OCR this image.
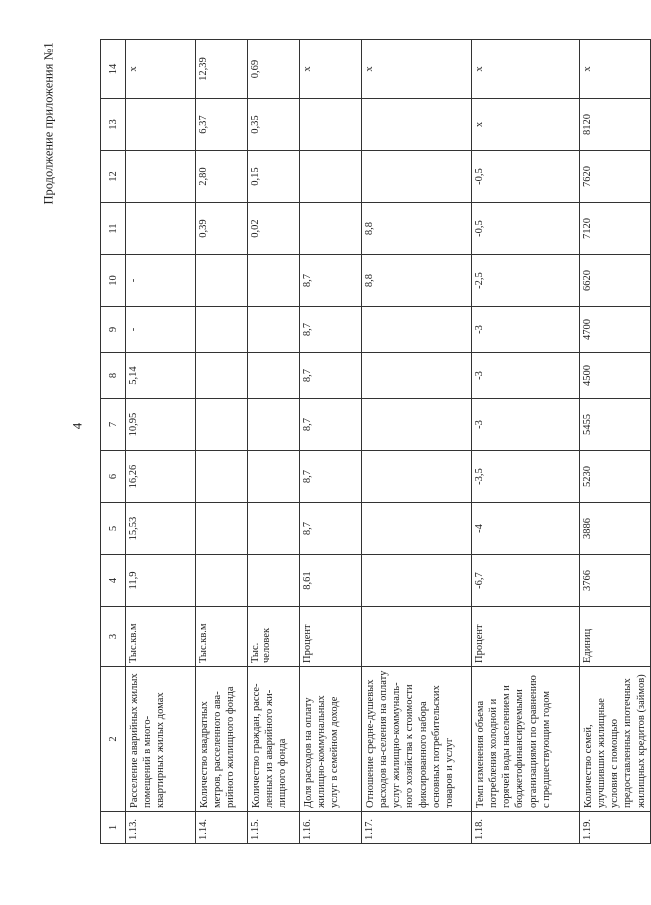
4
Продолжение приложения №1
1	2	3	4	5	6	7	8	9	10	11	12	13	14
1.13.	Расселение аварийных жилых помещений в много-квартирных жилых домах	Тыс.кв.м	11,9	15,53	16,26	10,95	5,14	-	-				x
1.14.	Количество квадратных метров, расселенного ава-рийного жилищного фонда	Тыс.кв.м								0,39	2,80	6,37	12,39
1.15.	Количество граждан, рассе-ленных из аварийного жи-лищного фонда	Тыс. человек								0,02	0,15	0,35	0,69
1.16.	Доля расходов на оплату жилищно-коммунальных услуг в семейном доходе	Процент	8,61	8,7	8,7	8,7	8,7	8,7	8,7				x
1.17.	Отношение средне-душевых расходов на-селения на оплату услуг жилищно-коммуналь-ного хозяйства к стоимости фиксированного набора основных потребительских товаров и услуг								8,8	8,8			x
1.18.	Темп изменения объема потребления холодной и горячей воды населением и бюджетофинансируемыми организациями по сравнению с предшествующим годом	Процент	-6,7	-4	-3,5	-3	-3	-3	-2,5	-0,5	-0,5	x	x
1.19.	Количество семей, улучшивших жилищные условия с помощью предоставленных ипотечных жилищных кредитов (займов)	Единиц	3766	3886	5230	5455	4500	4700	6620	7120	7620	8120	x
